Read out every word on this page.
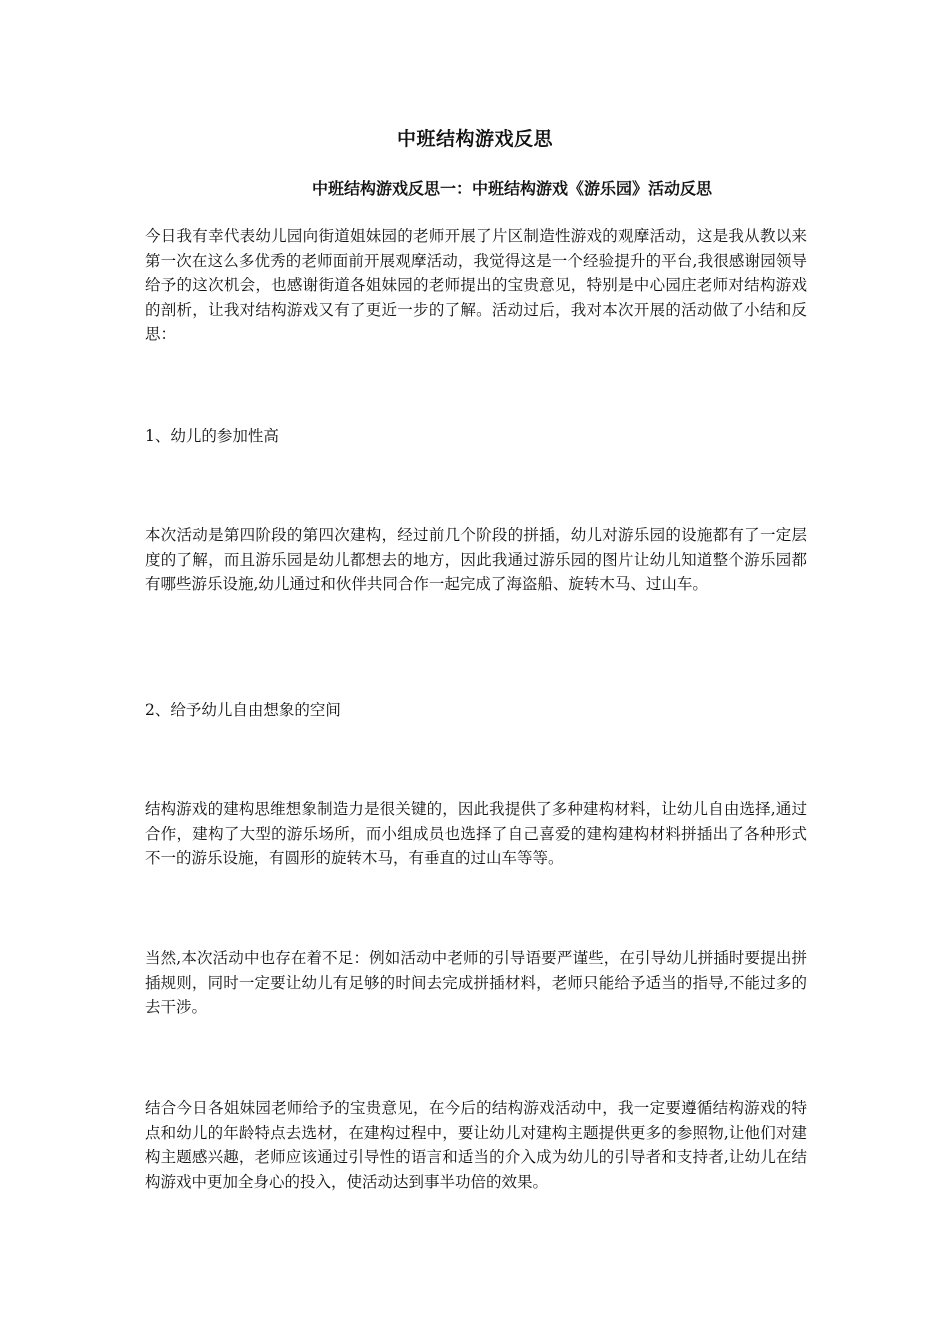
中班结构游戏反思
中班结构游戏反思一：中班结构游戏《游乐园》活动反思

今日我有幸代表幼儿园向街道姐妹园的老师开展了片区制造性游戏的观摩活动，这是我从教以来第一次在这么多优秀的老师面前开展观摩活动，我觉得这是一个经验提升的平台,我很感谢园领导给予的这次机会，也感谢街道各姐妹园的老师提出的宝贵意见，特别是中心园庄老师对结构游戏的剖析，让我对结构游戏又有了更近一步的了解。活动过后，我对本次开展的活动做了小结和反思：

1、幼儿的参加性高

本次活动是第四阶段的第四次建构，经过前几个阶段的拼插，幼儿对游乐园的设施都有了一定层度的了解，而且游乐园是幼儿都想去的地方，因此我通过游乐园的图片让幼儿知道整个游乐园都有哪些游乐设施,幼儿通过和伙伴共同合作一起完成了海盗船、旋转木马、过山车。

2、给予幼儿自由想象的空间

结构游戏的建构思维想象制造力是很关键的，因此我提供了多种建构材料，让幼儿自由选择,通过合作，建构了大型的游乐场所，而小组成员也选择了自己喜爱的建构建构材料拼插出了各种形式不一的游乐设施，有圆形的旋转木马，有垂直的过山车等等。

当然,本次活动中也存在着不足：例如活动中老师的引导语要严谨些，在引导幼儿拼插时要提出拼插规则，同时一定要让幼儿有足够的时间去完成拼插材料，老师只能给予适当的指导,不能过多的去干涉。

结合今日各姐妹园老师给予的宝贵意见，在今后的结构游戏活动中，我一定要遵循结构游戏的特点和幼儿的年龄特点去选材，在建构过程中，要让幼儿对建构主题提供更多的参照物,让他们对建构主题感兴趣，老师应该通过引导性的语言和适当的介入成为幼儿的引导者和支持者,让幼儿在结构游戏中更加全身心的投入，使活动达到事半功倍的效果。
